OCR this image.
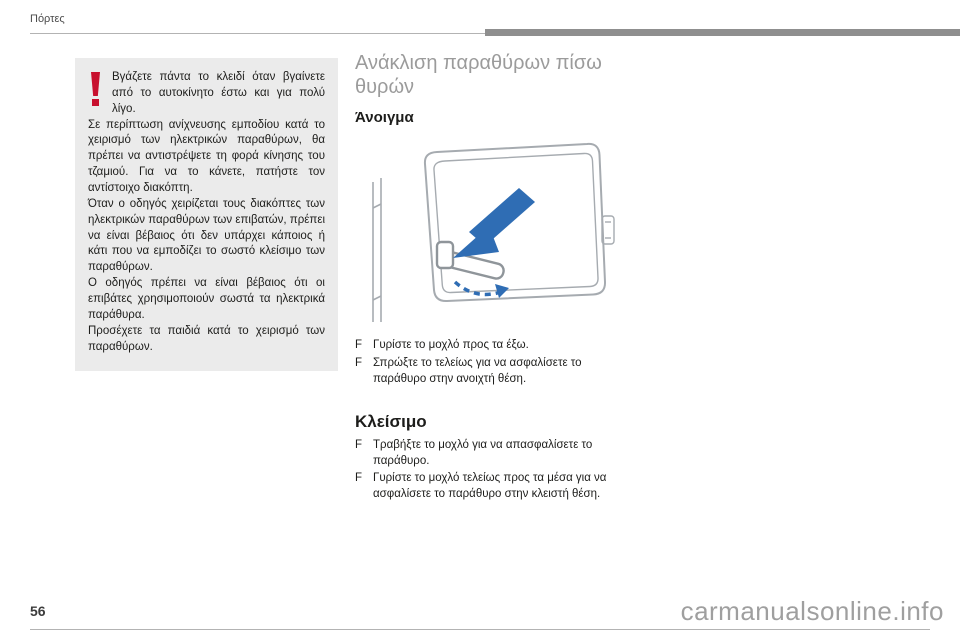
Πόρτες

Βγάζετε πάντα το κλειδί όταν βγαίνετε από το αυτοκίνητο έστω και για πολύ λίγο.

Σε περίπτωση ανίχνευσης εμποδίου κατά το χειρισμό των ηλεκτρικών παραθύρων, θα πρέπει να αντιστρέψετε τη φορά κίνησης του τζαμιού. Για να το κάνετε, πατήστε τον αντίστοιχο διακόπτη.

Όταν ο οδηγός χειρίζεται τους διακόπτες των ηλεκτρικών παραθύρων των επιβατών, πρέπει να είναι βέβαιος ότι δεν υπάρχει κάποιος ή κάτι που να εμποδίζει το σωστό κλείσιμο των παραθύρων.

Ο οδηγός πρέπει να είναι βέβαιος ότι οι επιβάτες χρησιμοποιούν σωστά τα ηλεκτρικά παράθυρα.

Προσέχετε τα παιδιά κατά το χειρισμό των παραθύρων.

Ανάκλιση παραθύρων πίσω θυρών
Άνοιγμα
F Γυρίστε το μοχλό προς τα έξω.
F Σπρώξτε το τελείως για να ασφαλίσετε το παράθυρο στην ανοιχτή θέση.
Κλείσιμο
F Τραβήξτε το μοχλό για να απασφαλίσετε το παράθυρο.
F Γυρίστε το μοχλό τελείως προς τα μέσα για να ασφαλίσετε το παράθυρο στην κλειστή θέση.
56	carmanualsonline.info
